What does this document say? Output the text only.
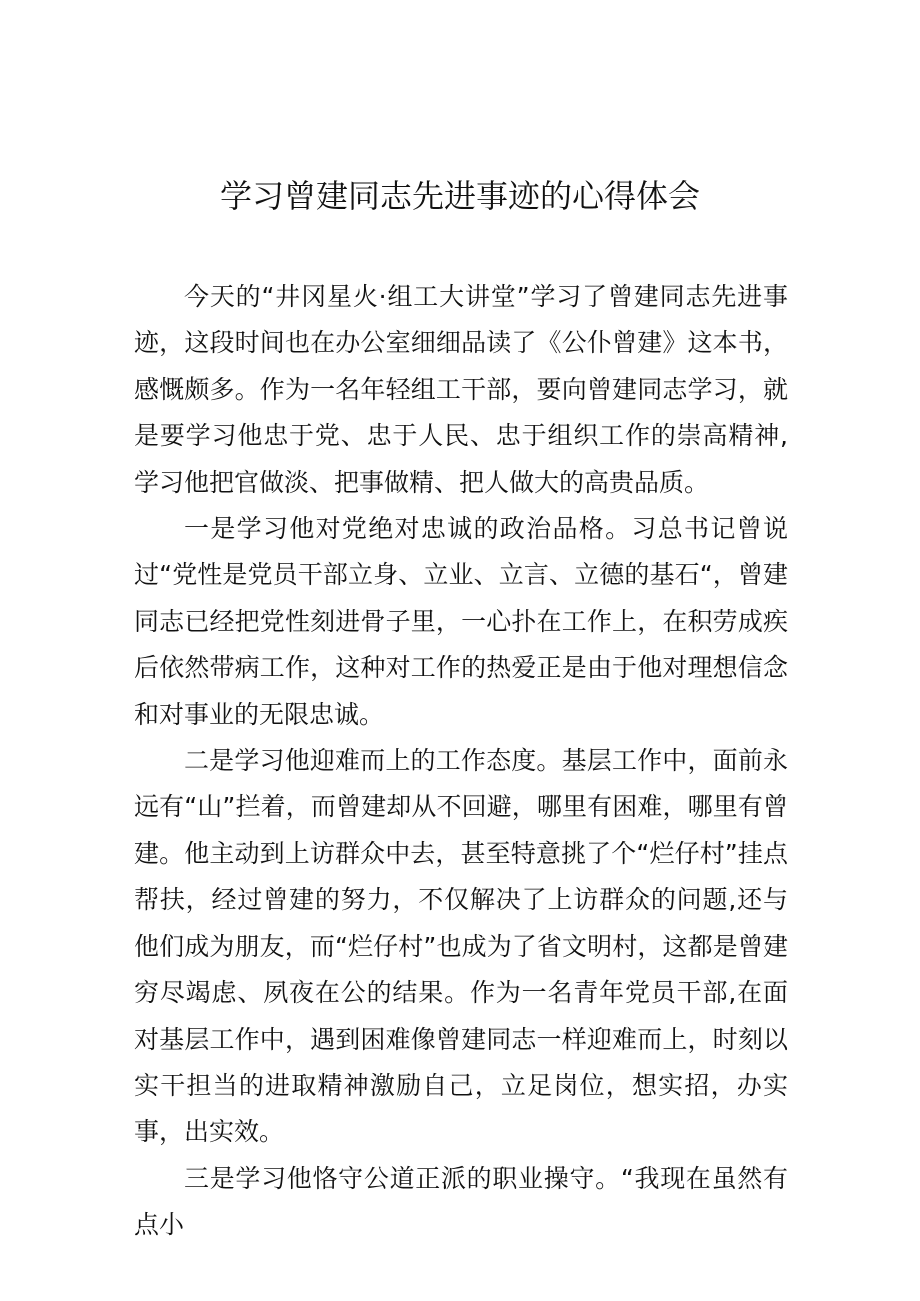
学习曾建同志先进事迹的心得体会

今天的“井冈星火·组工大讲堂”学习了曾建同志先进事迹，这段时间也在办公室细细品读了《公仆曾建》这本书，感慨颇多。作为一名年轻组工干部，要向曾建同志学习，就是要学习他忠于党、忠于人民、忠于组织工作的崇高精神,学习他把官做淡、把事做精、把人做大的高贵品质。

一是学习他对党绝对忠诚的政治品格。习总书记曾说过“党性是党员干部立身、立业、立言、立德的基石“，曾建同志已经把党性刻进骨子里，一心扑在工作上，在积劳成疾后依然带病工作，这种对工作的热爱正是由于他对理想信念和对事业的无限忠诚。

二是学习他迎难而上的工作态度。基层工作中，面前永远有“山”拦着，而曾建却从不回避，哪里有困难，哪里有曾建。他主动到上访群众中去，甚至特意挑了个“烂仔村”挂点帮扶，经过曾建的努力，不仅解决了上访群众的问题,还与他们成为朋友，而“烂仔村”也成为了省文明村，这都是曾建穷尽竭虑、夙夜在公的结果。作为一名青年党员干部,在面对基层工作中，遇到困难像曾建同志一样迎难而上，时刻以实干担当的进取精神激励自己，立足岗位，想实招，办实事，出实效。

三是学习他恪守公道正派的职业操守。“我现在虽然有点小
